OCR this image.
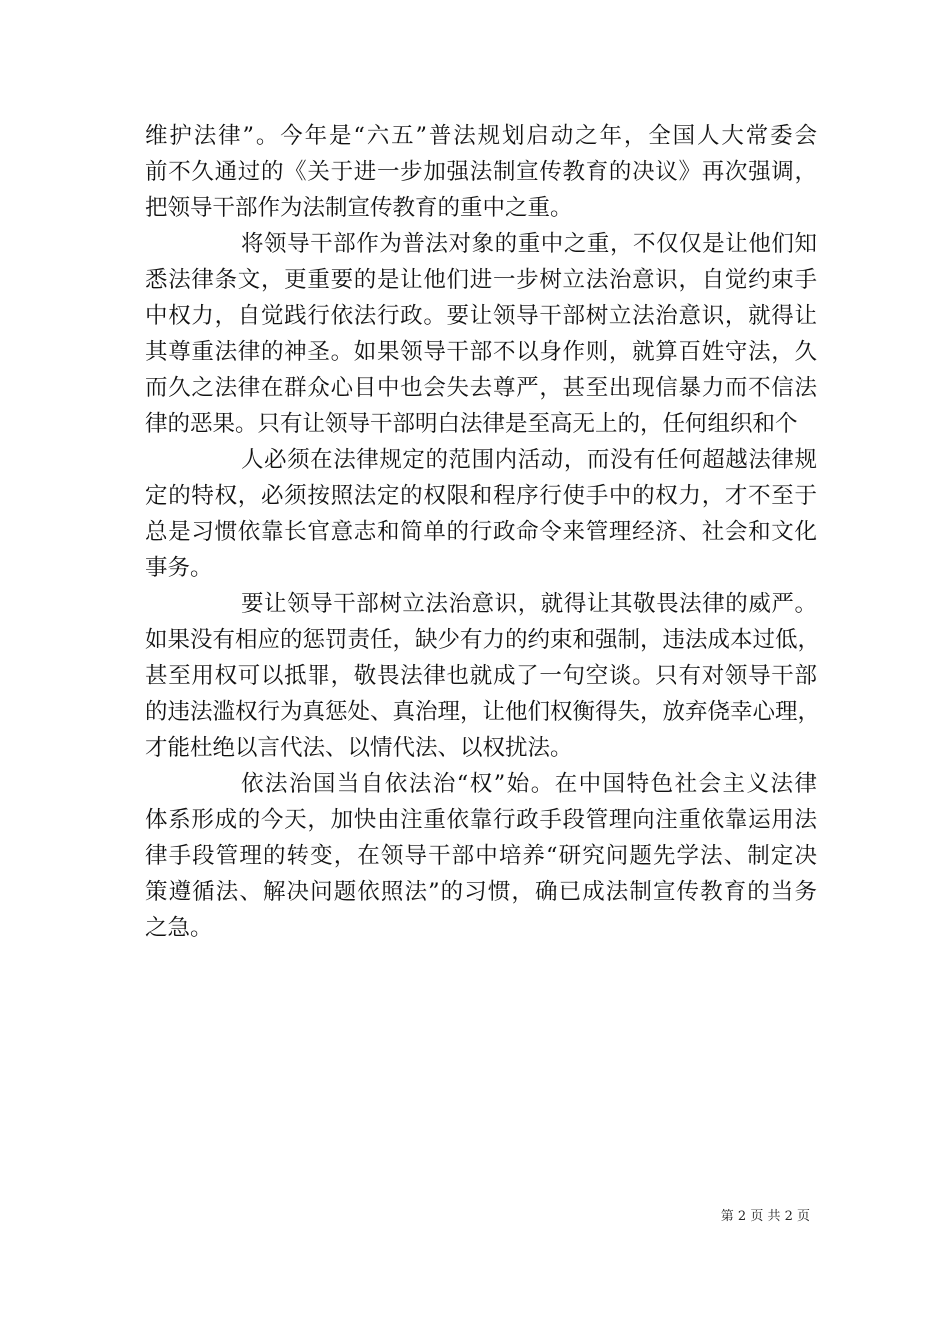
维护法律”。今年是“六五”普法规划启动之年，全国人大常委会
前不久通过的《关于进一步加强法制宣传教育的决议》再次强调，
把领导干部作为法制宣传教育的重中之重。
将领导干部作为普法对象的重中之重，不仅仅是让他们知
悉法律条文，更重要的是让他们进一步树立法治意识，自觉约束手
中权力，自觉践行依法行政。要让领导干部树立法治意识，就得让
其尊重法律的神圣。如果领导干部不以身作则，就算百姓守法，久
而久之法律在群众心目中也会失去尊严，甚至出现信暴力而不信法
律的恶果。只有让领导干部明白法律是至高无上的，任何组织和个
人必须在法律规定的范围内活动，而没有任何超越法律规
定的特权，必须按照法定的权限和程序行使手中的权力，才不至于
总是习惯依靠长官意志和简单的行政命令来管理经济、社会和文化
事务。
要让领导干部树立法治意识，就得让其敬畏法律的威严。
如果没有相应的惩罚责任，缺少有力的约束和强制，违法成本过低，
甚至用权可以抵罪，敬畏法律也就成了一句空谈。只有对领导干部
的违法滥权行为真惩处、真治理，让他们权衡得失，放弃侥幸心理，
才能杜绝以言代法、以情代法、以权扰法。
依法治国当自依法治“权”始。在中国特色社会主义法律
体系形成的今天，加快由注重依靠行政手段管理向注重依靠运用法
律手段管理的转变，在领导干部中培养“研究问题先学法、制定决
策遵循法、解决问题依照法”的习惯，确已成法制宣传教育的当务
之急。
第 2 页 共 2 页
